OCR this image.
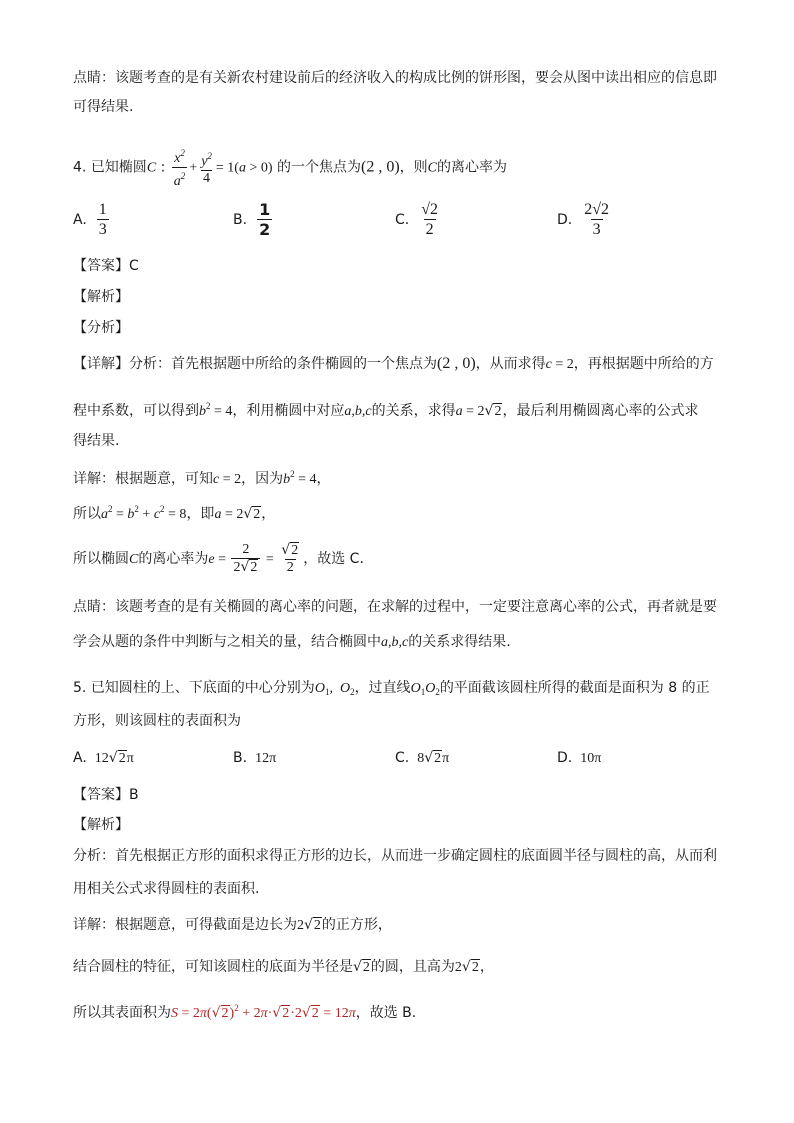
点睛：该题考查的是有关新农村建设前后的经济收入的构成比例的饼形图，要会从图中读出相应的信息即
可得结果.
4. 已知椭圆C : $\frac{x^2}{a^2} + \frac{y^2}{4} = 1(a > 0)$ 的一个焦点为(2 , 0)，则C的离心率为
A. $\frac{1}{3}$	B. $\frac{1}{2}$	C. $\frac{√2}{2}$	D. $\frac{2√2}{3}$
【答案】C
【解析】
【分析】
【详解】分析：首先根据题中所给的条件椭圆的一个焦点为(2 , 0)，从而求得c = 2，再根据题中所给的方
程中系数，可以得到$b^2 = 4$，利用椭圆中对应a,b,c的关系，求得a = 2√2，最后利用椭圆离心率的公式求
得结果.
详解：根据题意，可知c = 2，因为$b^2 = 4$，
所以$a^2 = b^2 + c^2 = 8$，即a = 2√2，
所以椭圆C的离心率为$e = \frac{2}{2√2} = \frac{√2}{2}$ ，故选 C.
点睛：该题考查的是有关椭圆的离心率的问题，在求解的过程中，一定要注意离心率的公式，再者就是要
学会从题的条件中判断与之相关的量，结合椭圆中a,b,c的关系求得结果.
5. 已知圆柱的上、下底面的中心分别为$O_1$,  $O_2$，过直线$O_1O_2$的平面截该圆柱所得的截面是面积为 8 的正
方形，则该圆柱的表面积为
A. 12√2π	B. 12π	C. 8√2π	D. 10π
【答案】B
【解析】
分析：首先根据正方形的面积求得正方形的边长，从而进一步确定圆柱的底面圆半径与圆柱的高，从而利
用相关公式求得圆柱的表面积.
详解：根据题意，可得截面是边长为2√2的正方形，
结合圆柱的特征，可知该圆柱的底面为半径是√2的圆，且高为2√2，
所以其表面积为$S = 2\pi(√2)^2 + 2\pi\cdot√2\cdot 2√2 = 12\pi$，故选 B.
